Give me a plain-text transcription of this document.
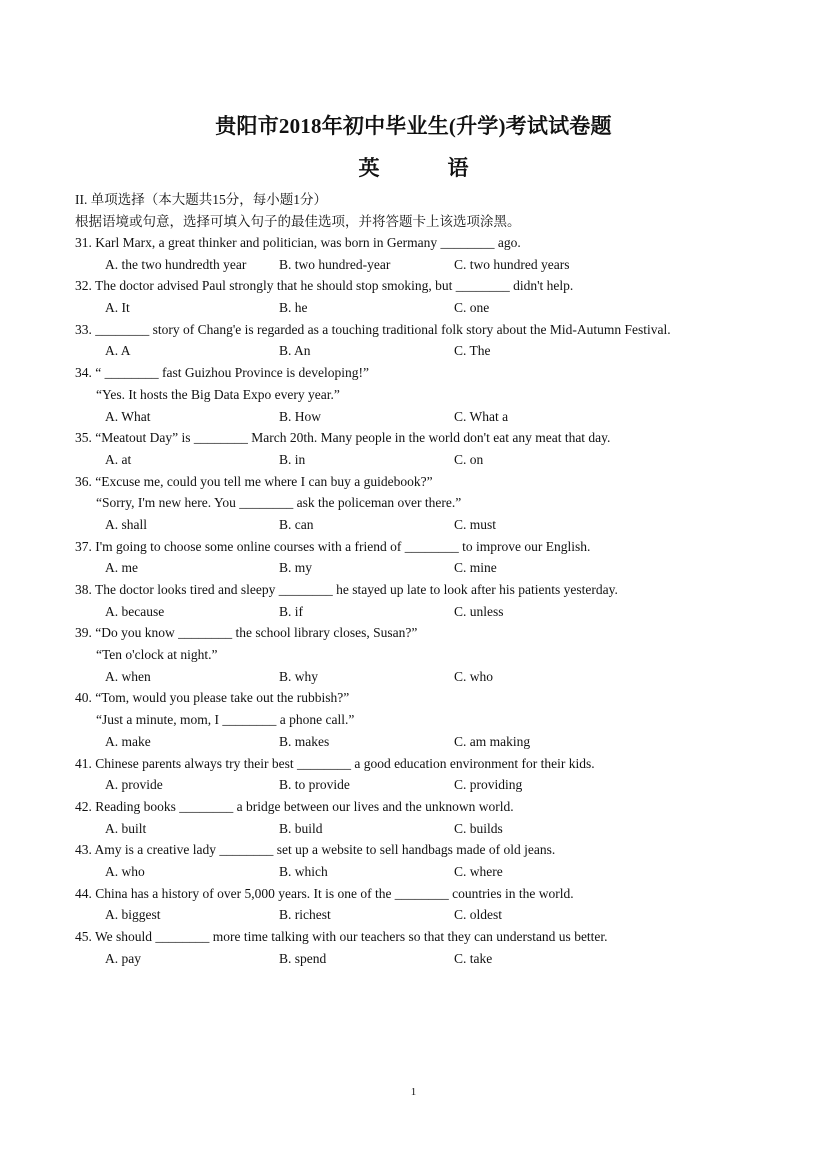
贵阳市2018年初中毕业生(升学)考试试卷题
英	语
II. 单项选择（本大题共15分，每小题1分）
根据语境或句意，选择可填入句子的最佳选项，并将答题卡上该选项涂黑。
31. Karl Marx, a great thinker and politician, was born in Germany ________ ago.
A. the two hundredth year B. two hundred-year	C. two hundred years
32. The doctor advised Paul strongly that he should stop smoking, but ________ didn't help.
A. It	B. he	C. one
33. ________ story of Chang'e is regarded as a touching traditional folk story about the Mid-Autumn Festival.
A. A	B. An	C. The
34. “ ________ fast Guizhou Province is developing!”
“Yes. It hosts the Big Data Expo every year.”
A. What	B. How	C. What a
35. “Meatout Day” is ________ March 20th. Many people in the world don't eat any meat that day.
A. at	B. in	C. on
36. “Excuse me, could you tell me where I can buy a guidebook?”
“Sorry, I'm new here. You ________ ask the policeman over there.”
A. shall	B. can	C. must
37. I'm going to choose some online courses with a friend of ________ to improve our English.
A. me	B. my	C. mine
38. The doctor looks tired and sleepy ________ he stayed up late to look after his patients yesterday.
A. because	B. if	C. unless
39. “Do you know ________ the school library closes, Susan?”
“Ten o'clock at night.”
A. when	B. why	C. who
40. “Tom, would you please take out the rubbish?”
“Just a minute, mom, I ________ a phone call.”
A. make	B. makes	C. am making
41. Chinese parents always try their best ________ a good education environment for their kids.
A. provide	B. to provide	C. providing
42. Reading books ________ a bridge between our lives and the unknown world.
A. built	B. build	C. builds
43. Amy is a creative lady ________ set up a website to sell handbags made of old jeans.
A. who	B. which	C. where
44. China has a history of over 5,000 years. It is one of the ________ countries in the world.
A. biggest	B. richest	C. oldest
45. We should ________ more time talking with our teachers so that they can understand us better.
A. pay	B. spend	C. take
1
